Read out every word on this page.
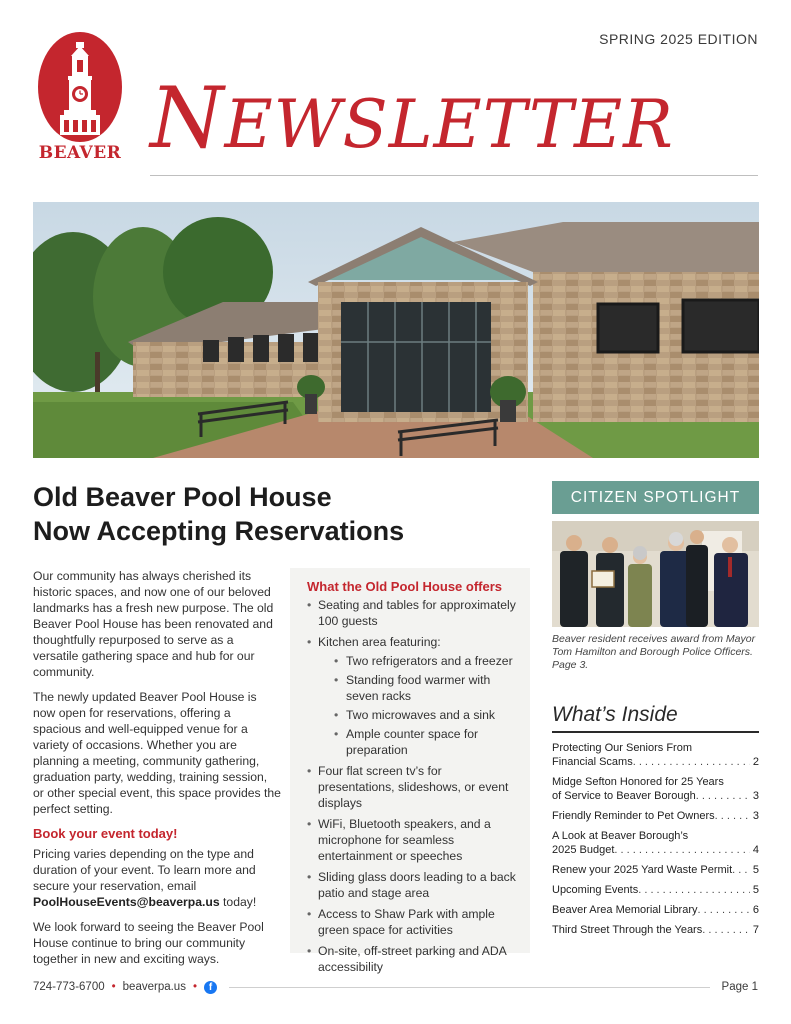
SPRING 2025 EDITION
BEAVER NEWSLETTER
Old Beaver Pool House
Now Accepting Reservations

Our community has always cherished its historic spaces, and now one of our beloved landmarks has a fresh new purpose. The old Beaver Pool House has been renovated and thoughtfully repurposed to serve as a versatile gathering space and hub for our community.

The newly updated Beaver Pool House is now open for reservations, offering a spacious and well-equipped venue for a variety of occasions. Whether you are planning a meeting, community gathering, graduation party, wedding, training session, or other special event, this space provides the perfect setting.

Book your event today!

Pricing varies depending on the type and duration of your event. To learn more and secure your reservation, email PoolHouseEvents@beaverpa.us today!

We look forward to seeing the Beaver Pool House continue to bring our community together in new and exciting ways.

What the Old Pool House offers
• Seating and tables for approximately 100 guests
• Kitchen area featuring:
• Two refrigerators and a freezer
• Standing food warmer with seven racks
• Two microwaves and a sink
• Ample counter space for preparation
• Four flat screen tv’s for presentations, slideshows, or event displays
• WiFi, Bluetooth speakers, and a microphone for seamless entertainment or speeches
• Sliding glass doors leading to a back patio and stage area
• Access to Shaw Park with ample green space for activities
• On-site, off-street parking and ADA accessibility
CITIZEN SPOTLIGHT
Beaver resident receives award from Mayor Tom Hamilton and Borough Police Officers. Page 3.
What’s Inside
Protecting Our Seniors From
Financial Scams . . .	2
Midge Sefton Honored for 25 Years
of Service to Beaver Borough . . .	3
Friendly Reminder to Pet Owners . . .	3
A Look at Beaver Borough’s
2025 Budget . . .	4
Renew your 2025 Yard Waste Permit . . . 5
Upcoming Events . . .	5
Beaver Area Memorial Library . . .	6
Third Street Through the Years . . .	7
724-773-6700 • beaverpa.us •	f	Page 1
